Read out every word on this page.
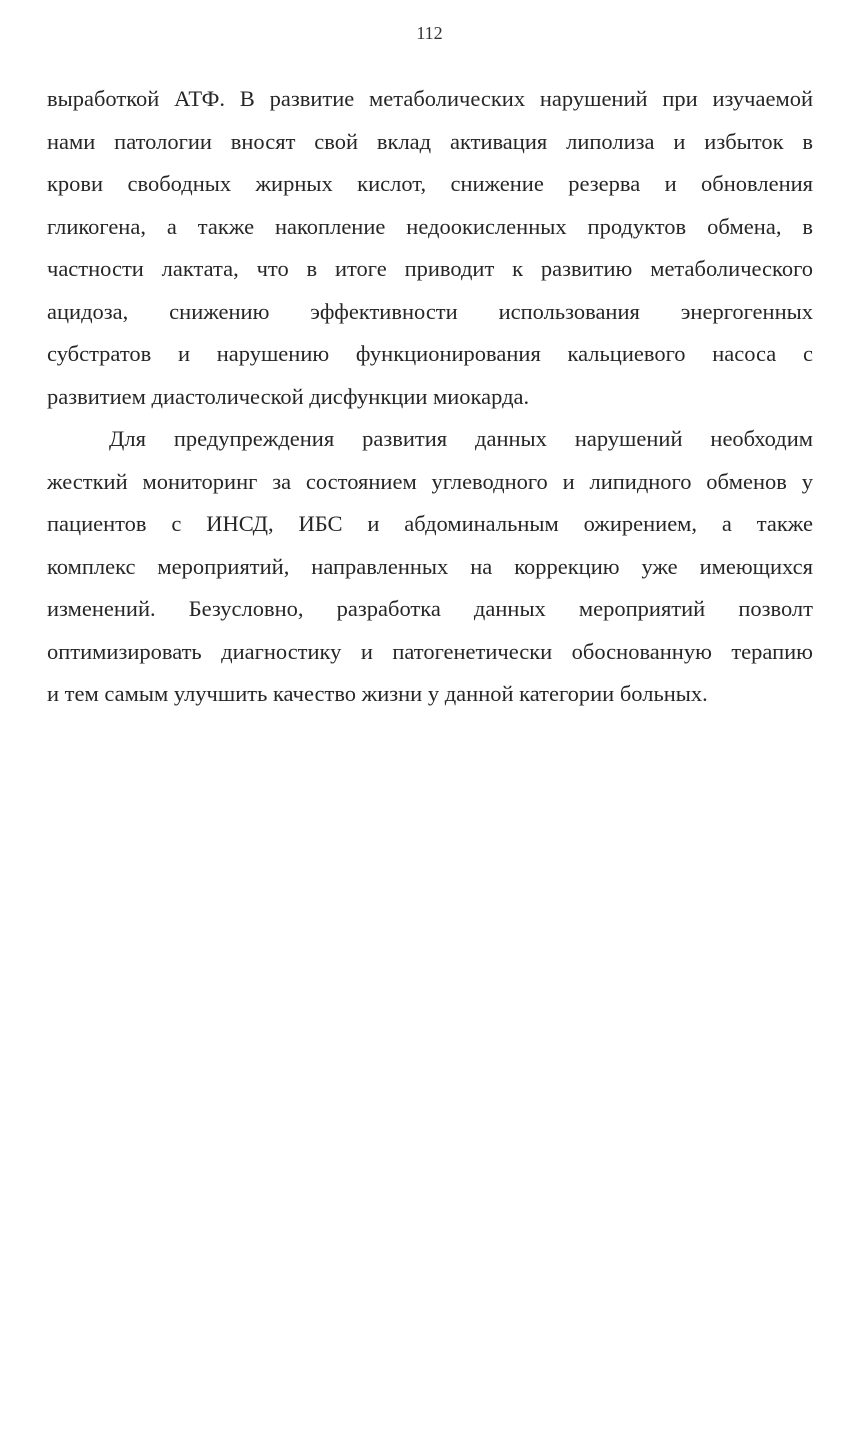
112
выработкой АТФ. В развитие метаболических нарушений при изучаемой
нами патологии вносят свой вклад активация липолиза и избыток в
крови свободных жирных кислот, снижение резерва и обновления
гликогена, а также накопление недоокисленных продуктов обмена, в
частности лактата, что в итоге приводит к развитию метаболического
ацидоза, снижению эффективности использования энергогенных
субстратов и нарушению функционирования кальциевого насоса с
развитием диастолической дисфункции миокарда.
Для предупреждения развития данных нарушений необходим
жесткий мониторинг за состоянием углеводного и липидного обменов у
пациентов с ИНСД, ИБС и абдоминальным ожирением, а также
комплекс мероприятий, направленных на коррекцию уже имеющихся
изменений. Безусловно, разработка данных мероприятий позволт
оптимизировать диагностику и патогенетически обоснованную терапию
и тем самым улучшить качество жизни у данной категории больных.
